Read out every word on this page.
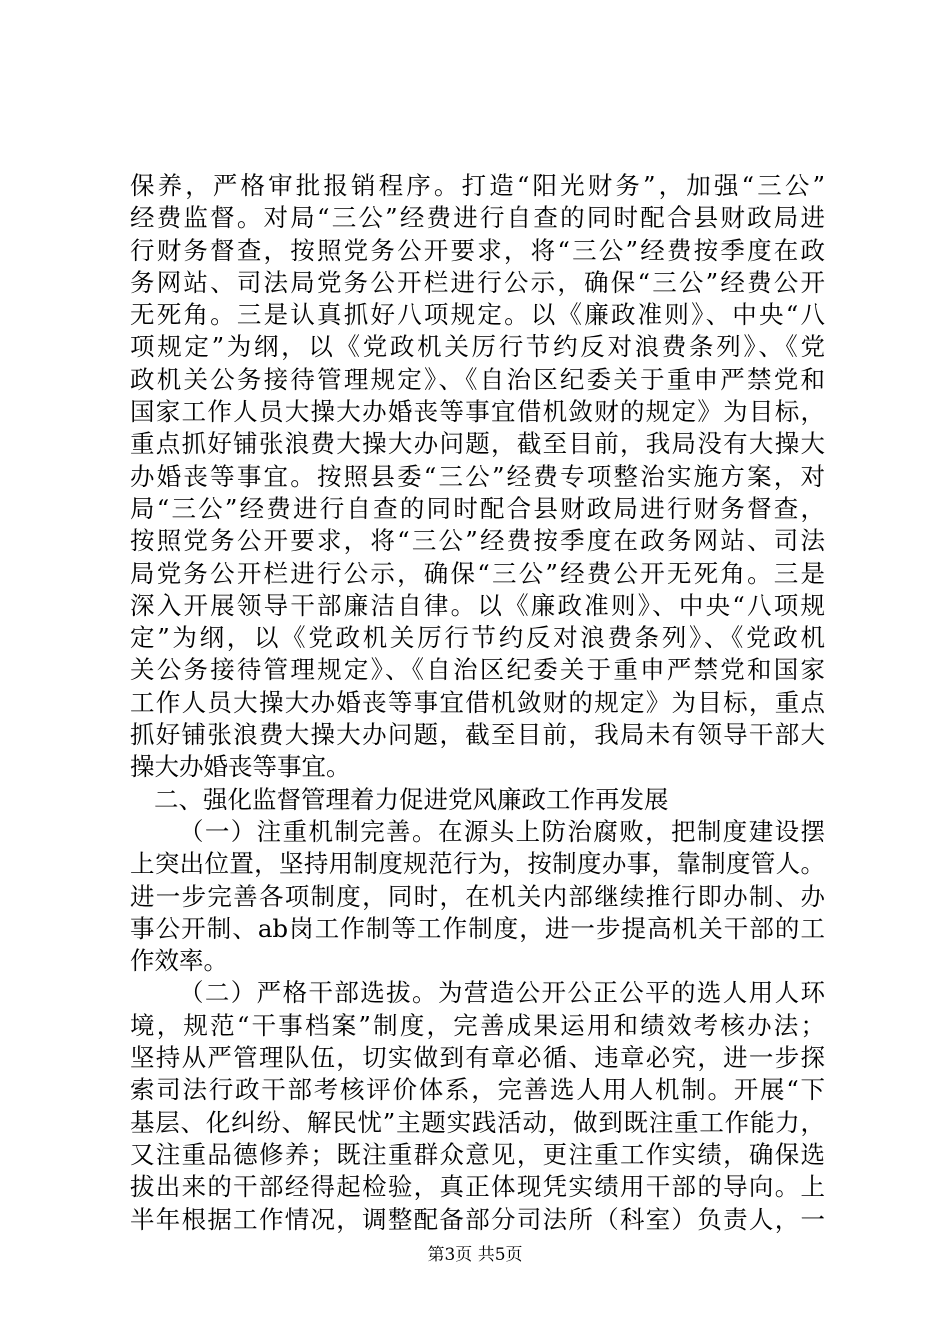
保养，严格审批报销程序。打造“阳光财务”，加强“三公”
经费监督。对局“三公”经费进行自查的同时配合县财政局进
行财务督查，按照党务公开要求，将“三公”经费按季度在政
务网站、司法局党务公开栏进行公示，确保“三公”经费公开
无死角。三是认真抓好八项规定。以《廉政准则》、中央“八
项规定”为纲，以《党政机关厉行节约反对浪费条列》、《党
政机关公务接待管理规定》、《自治区纪委关于重申严禁党和
国家工作人员大操大办婚丧等事宜借机敛财的规定》为目标，
重点抓好铺张浪费大操大办问题，截至目前，我局没有大操大
办婚丧等事宜。按照县委“三公”经费专项整治实施方案，对
局“三公”经费进行自查的同时配合县财政局进行财务督查，
按照党务公开要求，将“三公”经费按季度在政务网站、司法
局党务公开栏进行公示，确保“三公”经费公开无死角。三是
深入开展领导干部廉洁自律。以《廉政准则》、中央“八项规
定”为纲，以《党政机关厉行节约反对浪费条列》、《党政机
关公务接待管理规定》、《自治区纪委关于重申严禁党和国家
工作人员大操大办婚丧等事宜借机敛财的规定》为目标，重点
抓好铺张浪费大操大办问题，截至目前，我局未有领导干部大
操大办婚丧等事宜。
二、强化监督管理着力促进党风廉政工作再发展
（一）注重机制完善。在源头上防治腐败，把制度建设摆
上突出位置，坚持用制度规范行为，按制度办事，靠制度管人。
进一步完善各项制度，同时，在机关内部继续推行即办制、办
事公开制、ab岗工作制等工作制度，进一步提高机关干部的工
作效率。
（二）严格干部选拔。为营造公开公正公平的选人用人环
境，规范“干事档案”制度，完善成果运用和绩效考核办法；
坚持从严管理队伍，切实做到有章必循、违章必究，进一步探
索司法行政干部考核评价体系，完善选人用人机制。开展“下
基层、化纠纷、解民忧”主题实践活动，做到既注重工作能力，
又注重品德修养；既注重群众意见，更注重工作实绩，确保选
拔出来的干部经得起检验，真正体现凭实绩用干部的导向。上
半年根据工作情况，调整配备部分司法所（科室）负责人，一
第3页 共5页
